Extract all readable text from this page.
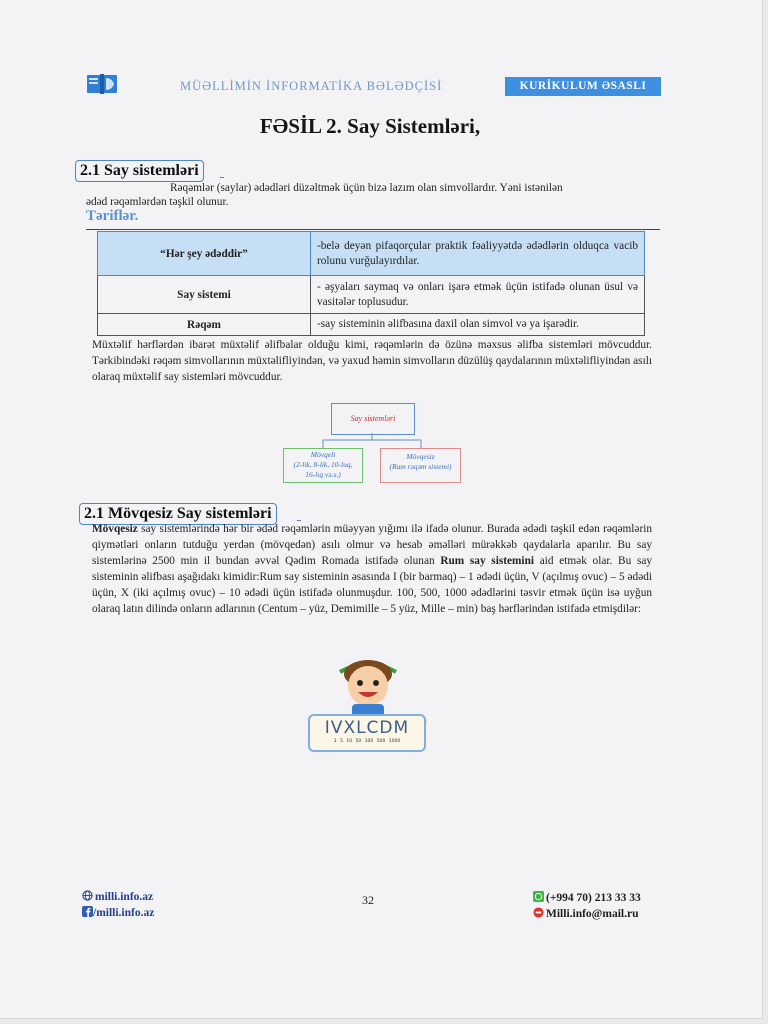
MÜƏLLİMİN İNFORMATİKA BƏLƏDÇİSİ	KURİKULUM ƏSASLI
FƏSİL 2. Say Sistemləri,
2.1 Say sistemləri
Rəqəmlər (saylar) ədədləri düzəltmək üçün bizə lazım olan simvollardır. Yəni istənilən
ədəd rəqəmlərdən təşkil olunur.
Təriflər.
“Hər şey ədəddir”	-belə deyən pifaqorçular praktik fəaliyyətdə ədədlərin olduqca vacib rolunu vurğulayırdılar.
Say sistemi	- əşyaları saymaq və onları işarə etmək üçün istifadə olunan üsul və vasitələr toplusudur.
Rəqəm	-say sisteminin əlifbasına daxil olan simvol və ya işarədir.
Müxtəlif hərflərdən ibarət müxtəlif əlifbalar olduğu kimi, rəqəmlərin də özünə məxsus əlifba sistemləri mövcuddur. Tərkibindəki rəqəm simvollarının müxtəlifliyindən, və yaxud həmin simvolların düzülüş qaydalarının müxtəlifliyindən asılı olaraq müxtəlif say sistemləri mövcuddur.
Say sistemləri
Mövqeli
(2-lik, 8-lik, 10-luq,
16-lıq və.s.)
Mövqesiz
(Rum rəqəm sistemi)
2.1 Mövqesiz Say sistemləri
Mövqesiz say sistemlərində hər bir ədəd rəqəmlərin müəyyən yığımı ilə ifadə olunur. Burada ədədi təşkil edən rəqəmlərin qiymətləri onların tutduğu yerdən (mövqedən) asılı olmur və hesab əməlləri mürəkkəb qaydalarla aparılır. Bu say sistemlərinə 2500 min il bundan əvvəl Qədim Romada istifadə olunan Rum say sistemini aid etmək olar. Bu say sisteminin əlifbası aşağıdakı kimidir:Rum say sisteminin əsasında I (bir barmaq) – 1 ədədi üçün, V (açılmış ovuc) – 5 ədədi üçün, X (iki açılmış ovuc) – 10 ədədi üçün istifadə olunmuşdur. 100, 500, 1000 ədədlərini təsvir etmək üçün isə uyğun olaraq latın dilində onların adlarının (Centum – yüz, Demimille – 5 yüz, Mille – min) baş hərflərindən istifadə etmişdilər:
IVXLCDM
1 5 10 50 100 500 1000
milli.info.az
/milli.info.az
32	(+994 70) 213 33 33
Milli.info@mail.ru
